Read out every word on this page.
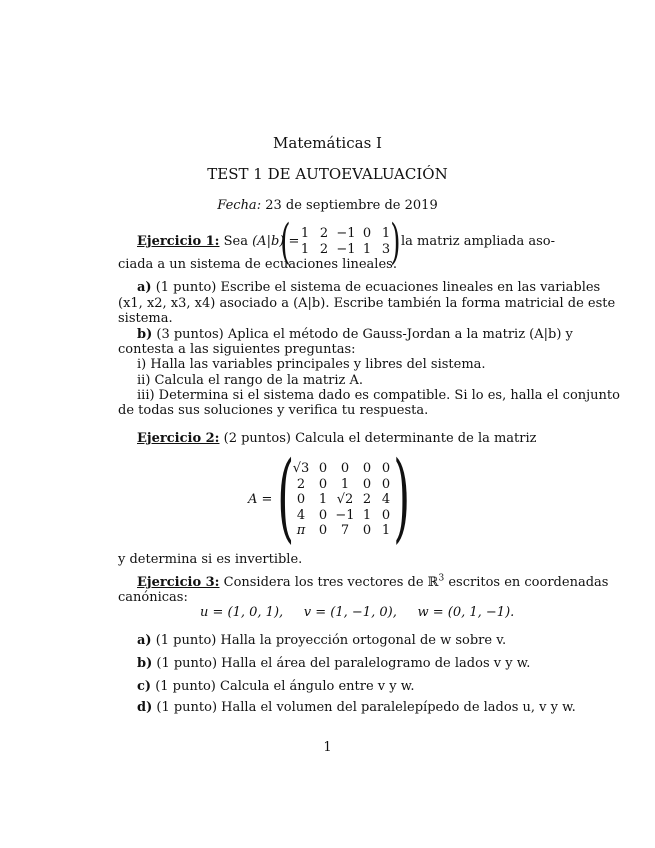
Matemáticas I
TEST 1 DE AUTOEVALUACIÓN
Fecha: 23 de septiembre de 2019
Ejercicio 1: Sea (A|b) =
( 1 2 −1 0 1
1 2 −1 1 3 ) la matriz ampliada aso-
ciada a un sistema de ecuaciones lineales.
a) (1 punto) Escribe el sistema de ecuaciones lineales en las variables
(x1, x2, x3, x4) asociado a (A|b). Escribe también la forma matricial de este
sistema.
b) (3 puntos) Aplica el método de Gauss-Jordan a la matriz (A|b) y
contesta a las siguientes preguntas:
i) Halla las variables principales y libres del sistema.
ii) Calcula el rango de la matriz A.
iii) Determina si el sistema dado es compatible. Si lo es, halla el conjunto
de todas sus soluciones y verifica tu respuesta.
Ejercicio 2: (2 puntos) Calcula el determinante de la matriz
A = ( )
√3 0	0	0 0
2	0	1	0 0
0	1 √2 2 4
4	0 −1 1 0
π	0	7	0 1
y determina si es invertible.
Ejercicio 3: Considera los tres vectores de ℝ$^3$ escritos en coordenadas
canónicas:
u = (1, 0, 1),     v = (1, −1, 0),     w = (0, 1, −1).
a) (1 punto) Halla la proyección ortogonal de w sobre v.
b) (1 punto) Halla el área del paralelogramo de lados v y w.
c) (1 punto) Calcula el ángulo entre v y w.
d) (1 punto) Halla el volumen del paralelepípedo de lados u, v y w.
1
